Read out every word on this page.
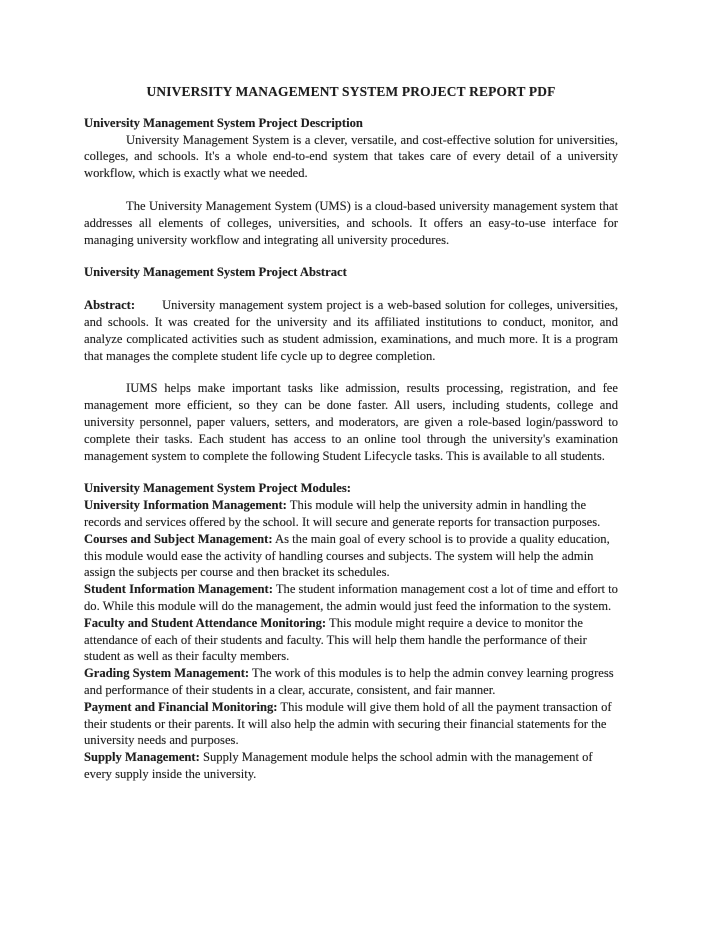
UNIVERSITY MANAGEMENT SYSTEM PROJECT REPORT PDF
University Management System Project Description

University Management System is a clever, versatile, and cost-effective solution for universities, colleges, and schools. It's a whole end-to-end system that takes care of every detail of a university workflow, which is exactly what we needed.

The University Management System (UMS) is a cloud-based university management system that addresses all elements of colleges, universities, and schools. It offers an easy-to-use interface for managing university workflow and integrating all university procedures.

University Management System Project Abstract

Abstract: University management system project is a web-based solution for colleges, universities, and schools. It was created for the university and its affiliated institutions to conduct, monitor, and analyze complicated activities such as student admission, examinations, and much more. It is a program that manages the complete student life cycle up to degree completion.

IUMS helps make important tasks like admission, results processing, registration, and fee management more efficient, so they can be done faster. All users, including students, college and university personnel, paper valuers, setters, and moderators, are given a role-based login/password to complete their tasks. Each student has access to an online tool through the university's examination management system to complete the following Student Lifecycle tasks. This is available to all students.

University Management System Project Modules:

University Information Management: This module will help the university admin in handling the records and services offered by the school. It will secure and generate reports for transaction purposes.

Courses and Subject Management: As the main goal of every school is to provide a quality education, this module would ease the activity of handling courses and subjects. The system will help the admin assign the subjects per course and then bracket its schedules.

Student Information Management: The student information management cost a lot of time and effort to do. While this module will do the management, the admin would just feed the information to the system.

Faculty and Student Attendance Monitoring: This module might require a device to monitor the attendance of each of their students and faculty. This will help them handle the performance of their student as well as their faculty members.

Grading System Management: The work of this modules is to help the admin convey learning progress and performance of their students in a clear, accurate, consistent, and fair manner.

Payment and Financial Monitoring: This module will give them hold of all the payment transaction of their students or their parents. It will also help the admin with securing their financial statements for the university needs and purposes.

Supply Management: Supply Management module helps the school admin with the management of every supply inside the university.
